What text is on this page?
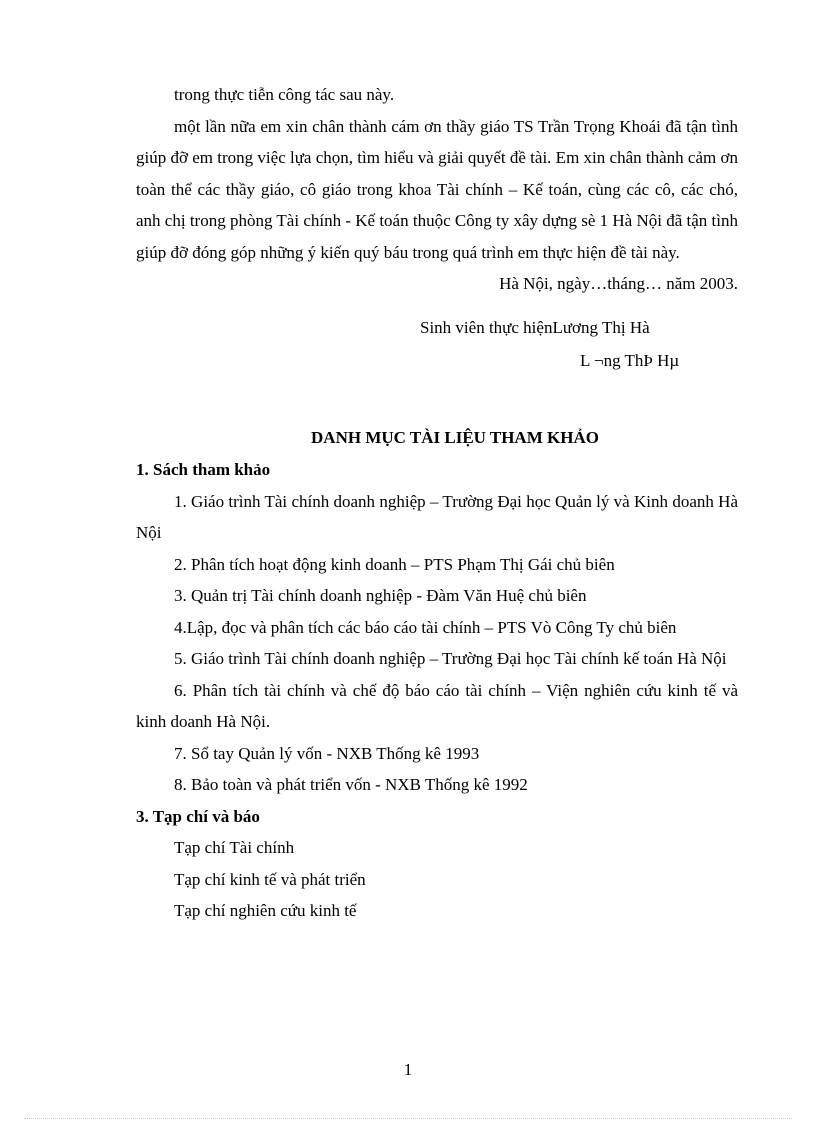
trong thực tiễn công tác sau này.

một lần nữa em xin chân thành cám ơn thầy giáo TS Trần Trọng Khoái đã tận tình giúp đỡ em trong việc lựa chọn, tìm hiểu và giải quyết đề tài. Em xin chân thành cảm ơn toàn thể các thầy giáo, cô giáo trong khoa Tài chính – Kế toán, cùng các cô, các chó, anh chị trong phòng Tài chính - Kế toán thuộc Công ty xây dựng sè 1 Hà Nội đã tận tình giúp đỡ đóng góp những ý kiến quý báu trong quá trình em thực hiện đề tài này.

Hà Nội, ngày…tháng… năm 2003.

Sinh viên thực hiệnLương Thị Hà

L ¬ng ThÞ Hµ

DANH MỤC TÀI LIỆU THAM KHẢO

1. Sách tham khảo

1. Giáo trình Tài chính doanh nghiệp – Trường Đại học Quản lý và Kinh doanh Hà Nội

2. Phân tích hoạt động kinh doanh – PTS Phạm Thị Gái chủ biên

3. Quản trị Tài chính doanh nghiệp - Đàm Văn Huệ chủ biên

4.Lập, đọc và phân tích các báo cáo tài chính – PTS Vò Công Ty chủ biên

5. Giáo trình Tài chính doanh nghiệp – Trường Đại học Tài chính kế toán Hà Nội

6. Phân tích tài chính và chế độ báo cáo tài chính – Viện nghiên cứu kinh tế và kinh doanh Hà Nội.

7. Sổ tay Quản lý vốn - NXB Thống kê 1993

8. Bảo toàn và phát triển vốn - NXB Thống kê 1992

3. Tạp chí và báo

Tạp chí Tài chính

Tạp chí kinh tế và phát triển

Tạp chí nghiên cứu kinh tế

1
